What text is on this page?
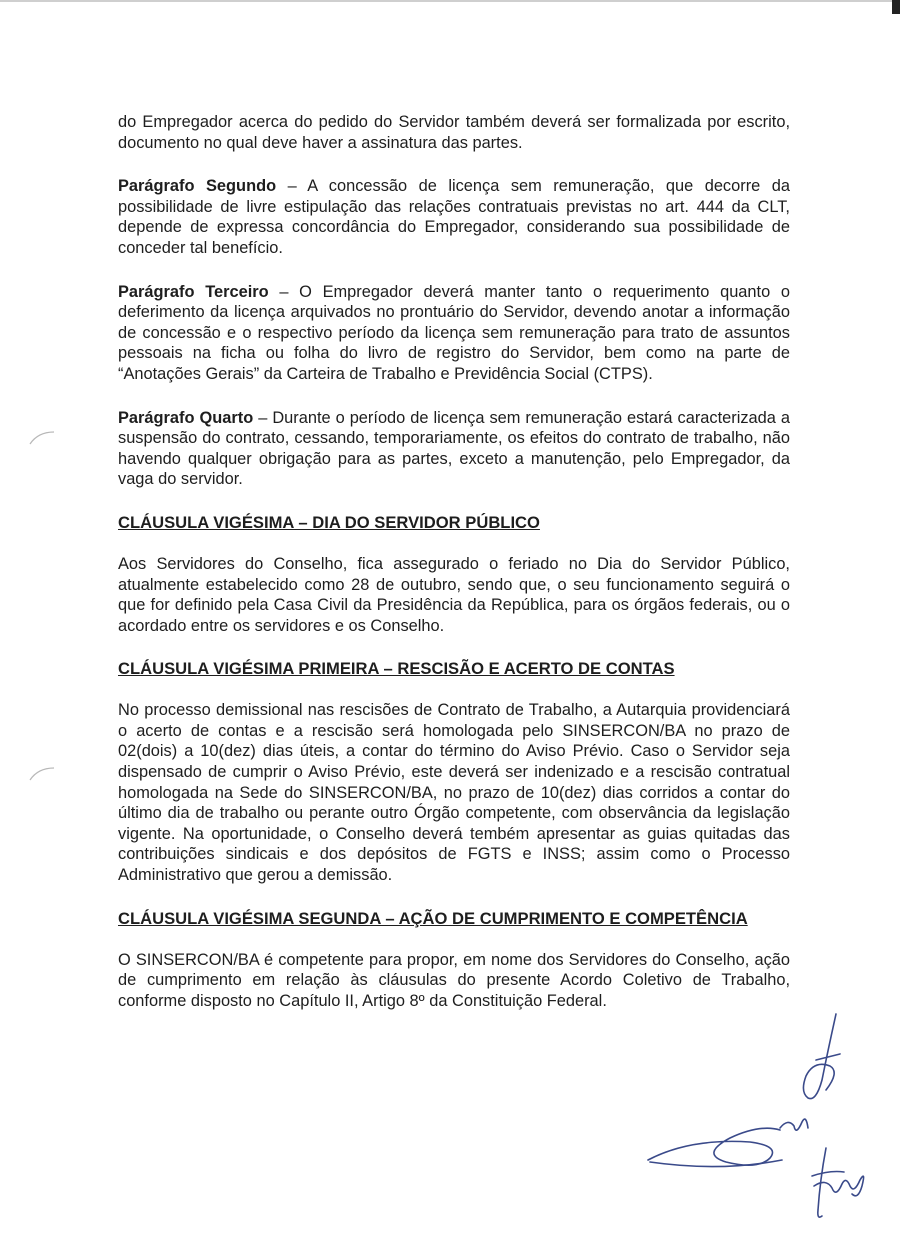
do Empregador acerca do pedido do Servidor também deverá ser formalizada por escrito, documento no qual deve haver a assinatura das partes.

Parágrafo Segundo – A concessão de licença sem remuneração, que decorre da possibilidade de livre estipulação das relações contratuais previstas no art. 444 da CLT, depende de expressa concordância do Empregador, considerando sua possibilidade de conceder tal benefício.

Parágrafo Terceiro – O Empregador deverá manter tanto o requerimento quanto o deferimento da licença arquivados no prontuário do Servidor, devendo anotar a informação de concessão e o respectivo período da licença sem remuneração para trato de assuntos pessoais na ficha ou folha do livro de registro do Servidor, bem como na parte de “Anotações Gerais” da Carteira de Trabalho e Previdência Social (CTPS).

Parágrafo Quarto – Durante o período de licença sem remuneração estará caracterizada a suspensão do contrato, cessando, temporariamente, os efeitos do contrato de trabalho, não havendo qualquer obrigação para as partes, exceto a manutenção, pelo Empregador, da vaga do servidor.

CLÁUSULA VIGÉSIMA – DIA DO SERVIDOR PÚBLICO

Aos Servidores do Conselho, fica assegurado o feriado no Dia do Servidor Público, atualmente estabelecido como 28 de outubro, sendo que, o seu funcionamento seguirá o que for definido pela Casa Civil da Presidência da República, para os órgãos federais, ou o acordado entre os servidores e os Conselho.

CLÁUSULA VIGÉSIMA PRIMEIRA – RESCISÃO E ACERTO DE CONTAS

No processo demissional nas rescisões de Contrato de Trabalho, a Autarquia providenciará o acerto de contas e a rescisão será homologada pelo SINSERCON/BA no prazo de 02(dois) a 10(dez) dias úteis, a contar do término do Aviso Prévio. Caso o Servidor seja dispensado de cumprir o Aviso Prévio, este deverá ser indenizado e a rescisão contratual homologada na Sede do SINSERCON/BA, no prazo de 10(dez) dias corridos a contar do último dia de trabalho ou perante outro Órgão competente, com observância da legislação vigente. Na oportunidade, o Conselho deverá tembém apresentar as guias quitadas das contribuições sindicais e dos depósitos de FGTS e INSS; assim como o Processo Administrativo que gerou a demissão.

CLÁUSULA VIGÉSIMA SEGUNDA – AÇÃO DE CUMPRIMENTO E COMPETÊNCIA

O SINSERCON/BA é competente para propor, em nome dos Servidores do Conselho, ação de cumprimento em relação às cláusulas do presente Acordo Coletivo de Trabalho, conforme disposto no Capítulo II, Artigo 8º da Constituição Federal.
